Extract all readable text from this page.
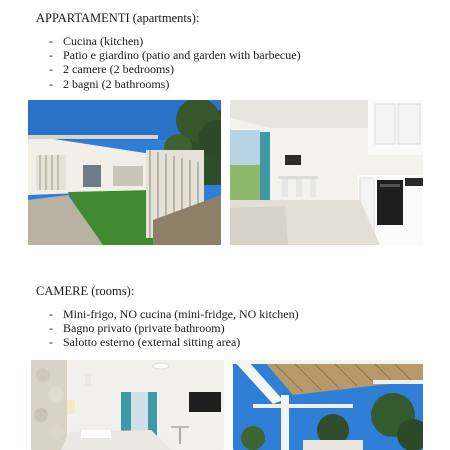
APPARTAMENTI (apartments):
- Cucina (kitchen)
- Patio e giardino (patio and garden with barbecue)
- 2 camere (2 bedrooms)
- 2 bagni (2 bathrooms)
CAMERE (rooms):
- Mini-frigo, NO cucina (mini-fridge, NO kitchen)
- Bagno privato (private bathroom)
- Salotto esterno (external sitting area)
